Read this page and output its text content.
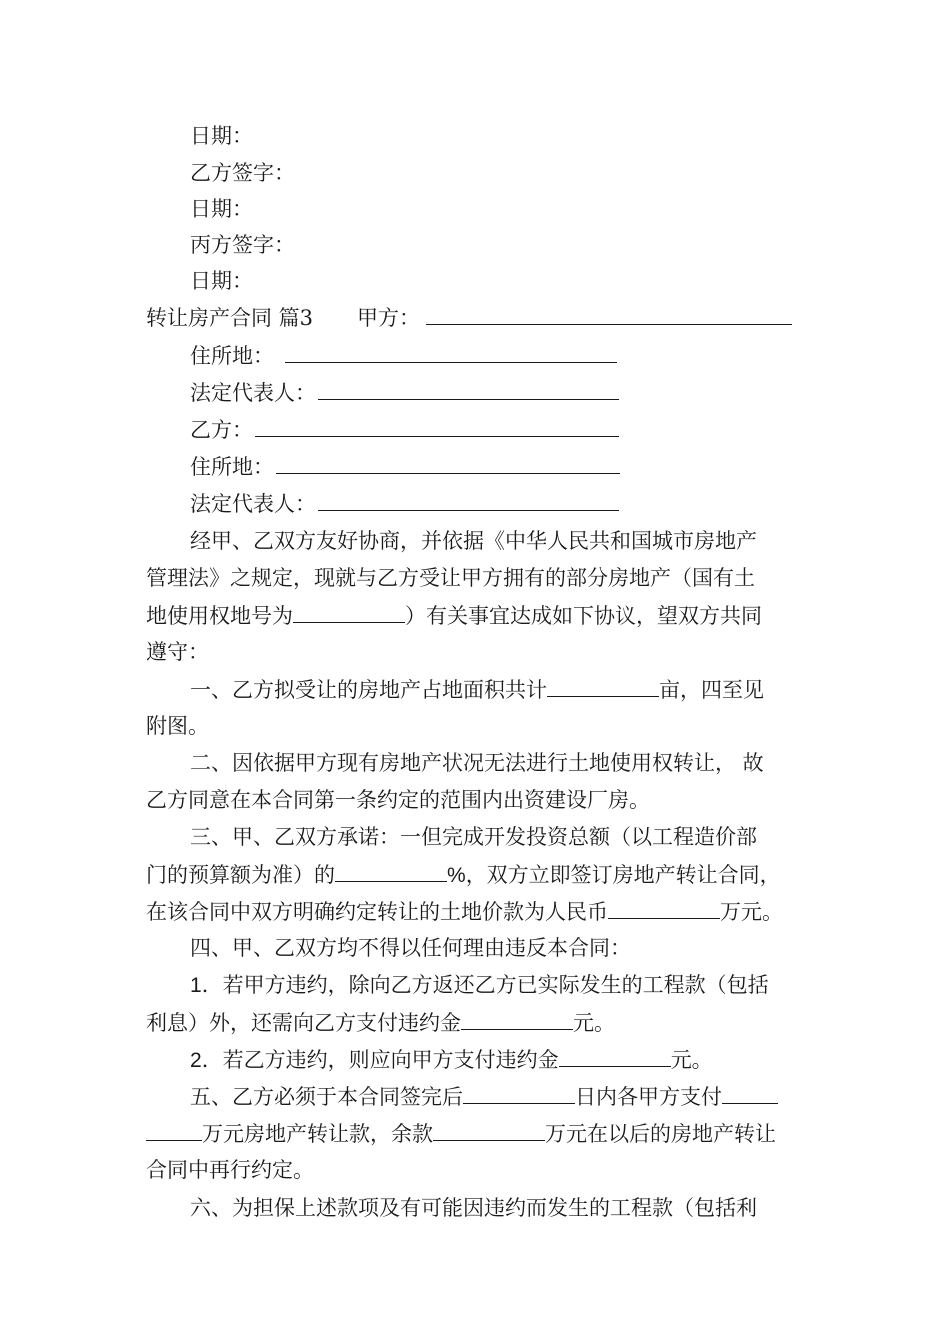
日期：
乙方签字：
日期：
丙方签字：
日期：
转让房产合同 篇3 甲方：
住所地：
法定代表人：
乙方：
住所地：
法定代表人：
经甲、乙双方友好协商，并依据《中华人民共和国城市房地产
管理法》之规定，现就与乙方受让甲方拥有的部分房地产（国有土
地使用权地号为	）有关事宜达成如下协议，望双方共同
遵守：
一、乙方拟受让的房地产占地面积共计	亩，四至见
附图。
二、因依据甲方现有房地产状况无法进行土地使用权转让， 故
乙方同意在本合同第一条约定的范围内出资建设厂房。
三、甲、乙双方承诺：一但完成开发投资总额（以工程造价部
门的预算额为准）的	%，双方立即签订房地产转让合同，
在该合同中双方明确约定转让的土地价款为人民币	万元。
四、甲、乙双方均不得以任何理由违反本合同：
1．若甲方违约，除向乙方返还乙方已实际发生的工程款（包括
利息）外，还需向乙方支付违约金	元。
2．若乙方违约，则应向甲方支付违约金	元。
五、乙方必须于本合同签完后	日内各甲方支付
万元房地产转让款，余款	万元在以后的房地产转让
合同中再行约定。
六、为担保上述款项及有可能因违约而发生的工程款（包括利
